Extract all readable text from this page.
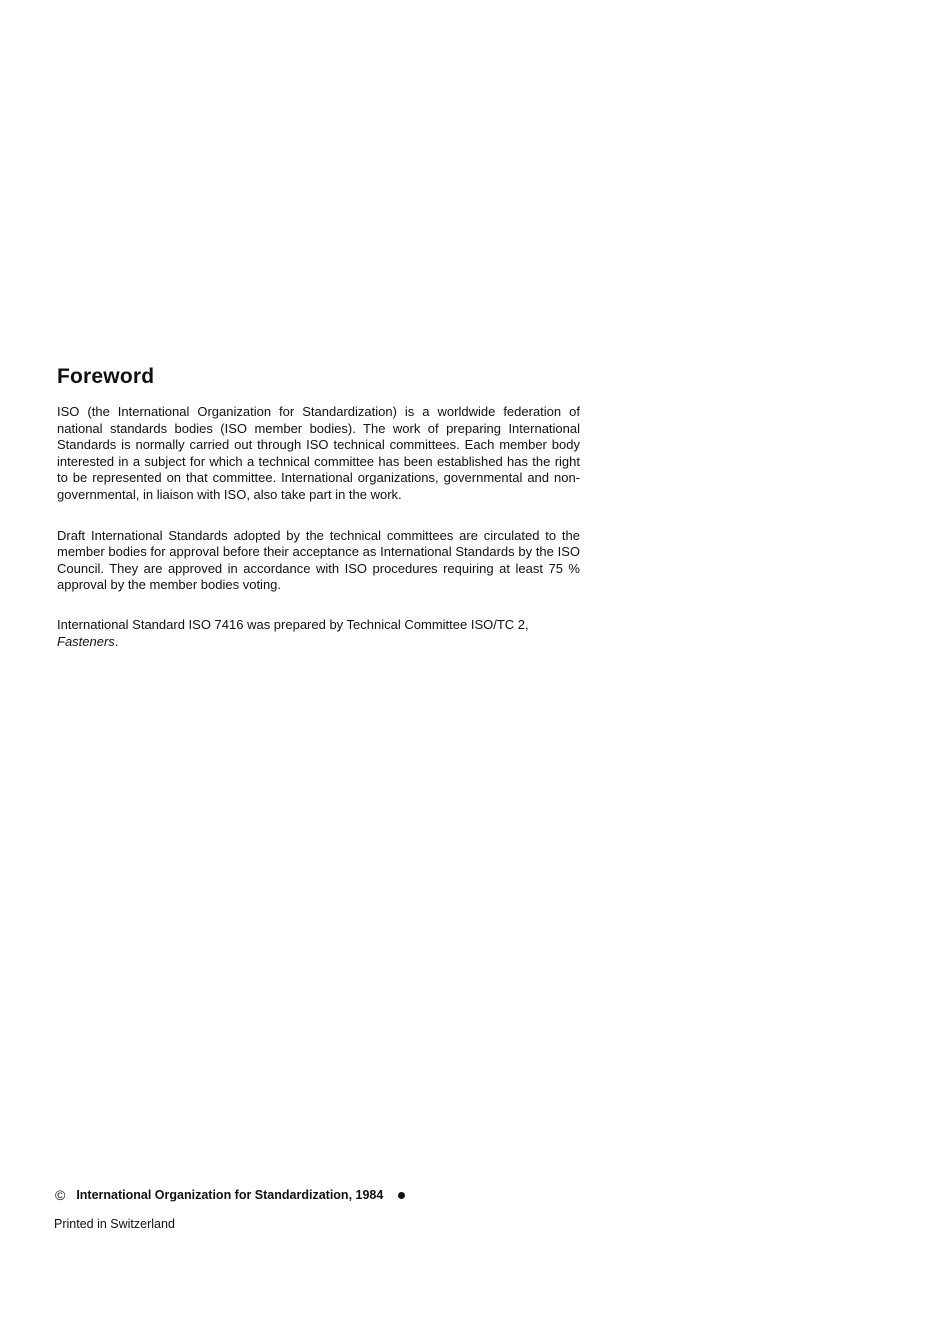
Foreword

ISO (the International Organization for Standardization) is a worldwide federation of national standards bodies (ISO member bodies). The work of preparing International Standards is normally carried out through ISO technical committees. Each member body interested in a subject for which a technical committee has been established has the right to be represented on that committee. International organizations, governmental and non-governmental, in liaison with ISO, also take part in the work.

Draft International Standards adopted by the technical committees are circulated to the member bodies for approval before their acceptance as International Standards by the ISO Council. They are approved in accordance with ISO procedures requiring at least 75 % approval by the member bodies voting.

International Standard ISO 7416 was prepared by Technical Committee ISO/TC 2,
Fasteners.

© International Organization for Standardization, 1984
Printed in Switzerland
